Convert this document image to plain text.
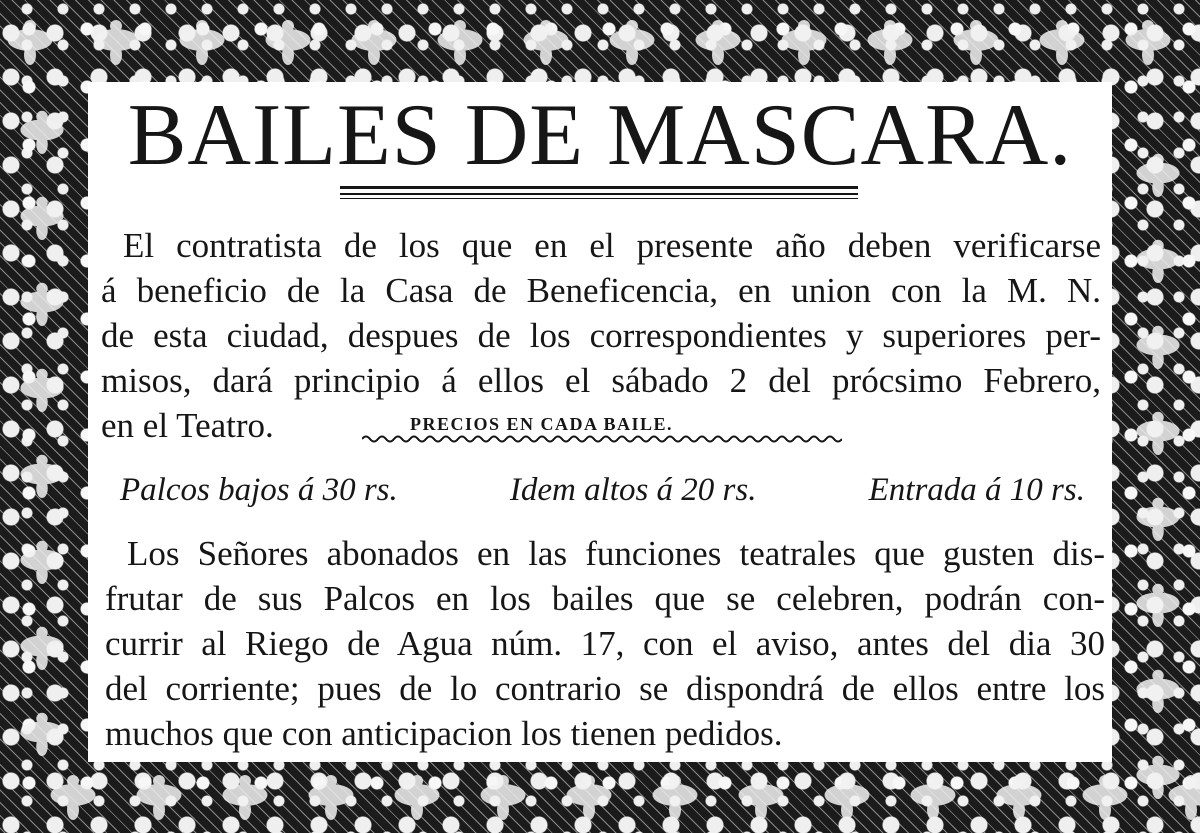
BAILES DE MASCARA.
El contratista de los que en el presente año deben verificarse
á beneficio de la Casa de Beneficencia, en union con la M. N.
de esta ciudad, despues de los correspondientes y superiores per-
misos, dará principio á ellos el sábado 2 del prócsimo Febrero,
en el Teatro.	PRECIOS EN CADA BAILE.

Palcos bajos á 30 rs.	Idem altos á 20 rs.	Entrada á 10 rs.
Los Señores abonados en las funciones teatrales que gusten dis-
frutar de sus Palcos en los bailes que se celebren, podrán con-
currir al Riego de Agua núm. 17, con el aviso, antes del dia 30
del corriente; pues de lo contrario se dispondrá de ellos entre los
muchos que con anticipacion los tienen pedidos.
